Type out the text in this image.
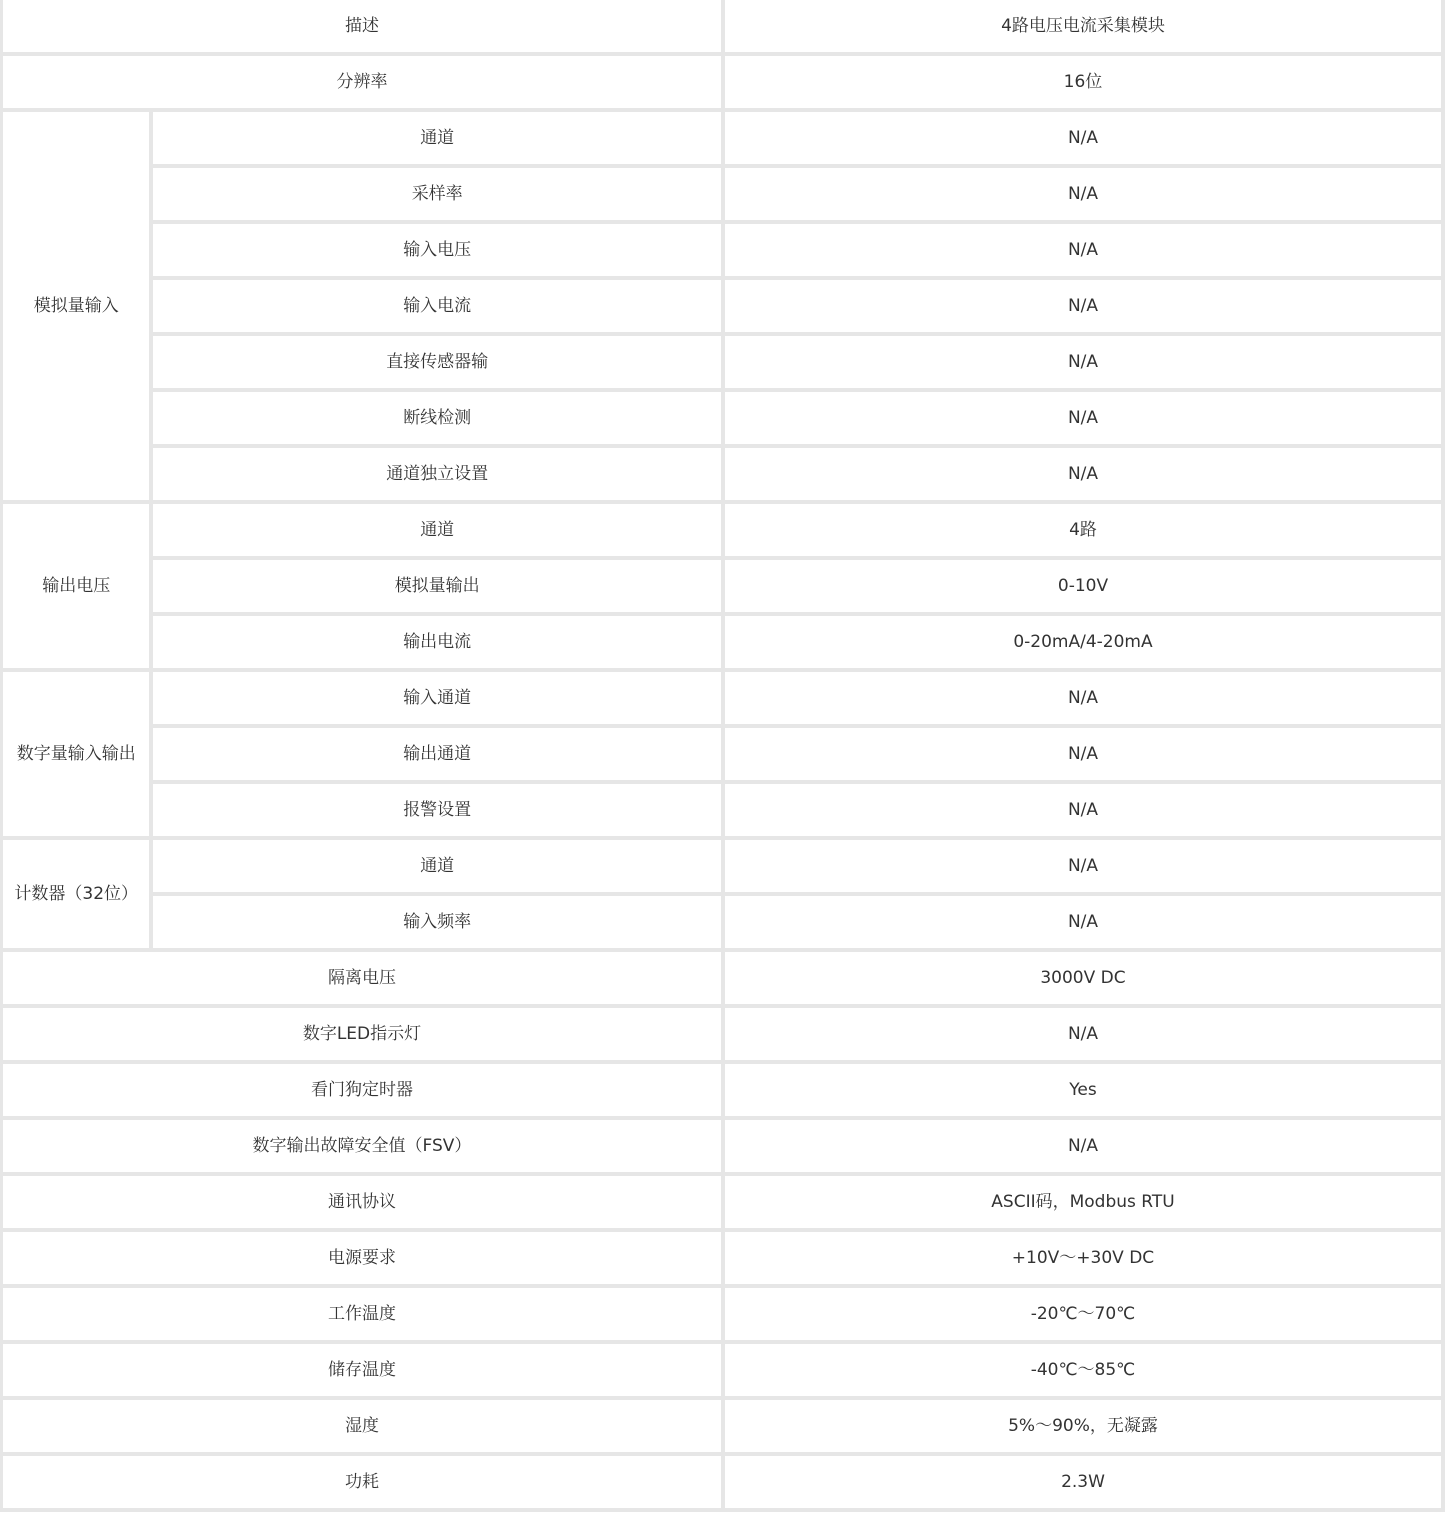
描述		4路电压电流采集模块
分辨率		16位
模拟量输入	通道	N/A
	采样率	N/A
	输入电压	N/A
	输入电流	N/A
	直接传感器输	N/A
	断线检测	N/A
	通道独立设置	N/A
输出电压	通道	4路
	模拟量输出	0-10V
	输出电流	0-20mA/4-20mA
数字量输入输出	输入通道	N/A
	输出通道	N/A
	报警设置	N/A
计数器（32位）	通道	N/A
	输入频率	N/A
隔离电压		3000V DC
数字LED指示灯		N/A
看门狗定时器		Yes
数字输出故障安全值（FSV）		N/A
通讯协议		ASCII码，Modbus RTU
电源要求		+10V～+30V DC
工作温度		-20℃～70℃
储存温度		-40℃～85℃
湿度		5%～90%，无凝露
功耗		2.3W
